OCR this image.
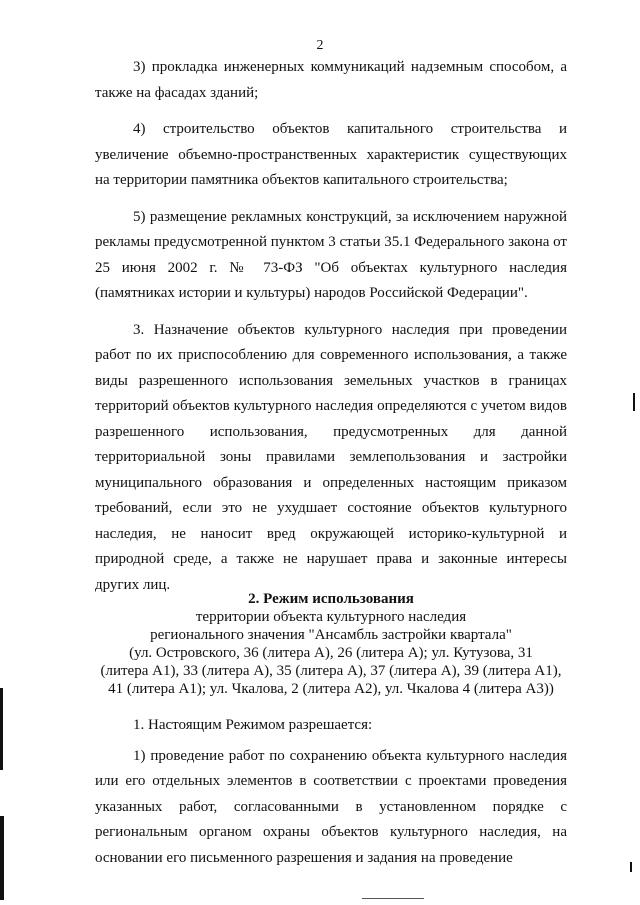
2

3) прокладка инженерных коммуникаций надземным способом, а также на фасадах зданий;

4) строительство объектов капитального строительства и увеличение объемно-пространственных характеристик существующих на территории памятника объектов капитального строительства;

5) размещение рекламных конструкций, за исключением наружной рекламы предусмотренной пунктом 3 статьи 35.1 Федерального закона от 25 июня 2002 г. № 73-ФЗ "Об объектах культурного наследия (памятниках истории и культуры) народов Российской Федерации".

3. Назначение объектов культурного наследия при проведении работ по их приспособлению для современного использования, а также виды разрешенного использования земельных участков в границах территорий объектов культурного наследия определяются с учетом видов разрешенного использования, предусмотренных для данной территориальной зоны правилами землепользования и застройки муниципального образования и определенных настоящим приказом требований, если это не ухудшает состояние объектов культурного наследия, не наносит вред окружающей историко-культурной и природной среде, а также не нарушает права и законные интересы других лиц.

2. Режим использования
территории объекта культурного наследия
регионального значения "Ансамбль застройки квартала"
(ул. Островского, 36 (литера А), 26 (литера А); ул. Кутузова, 31
(литера А1), 33 (литера А), 35 (литера А), 37 (литера А), 39 (литера А1),
41 (литера А1); ул. Чкалова, 2 (литера А2), ул. Чкалова 4 (литера А3))

1. Настоящим Режимом разрешается:

1) проведение работ по сохранению объекта культурного наследия или его отдельных элементов в соответствии с проектами проведения указанных работ, согласованными в установленном порядке с региональным органом охраны объектов культурного наследия, на основании его письменного разрешения и задания на проведение
